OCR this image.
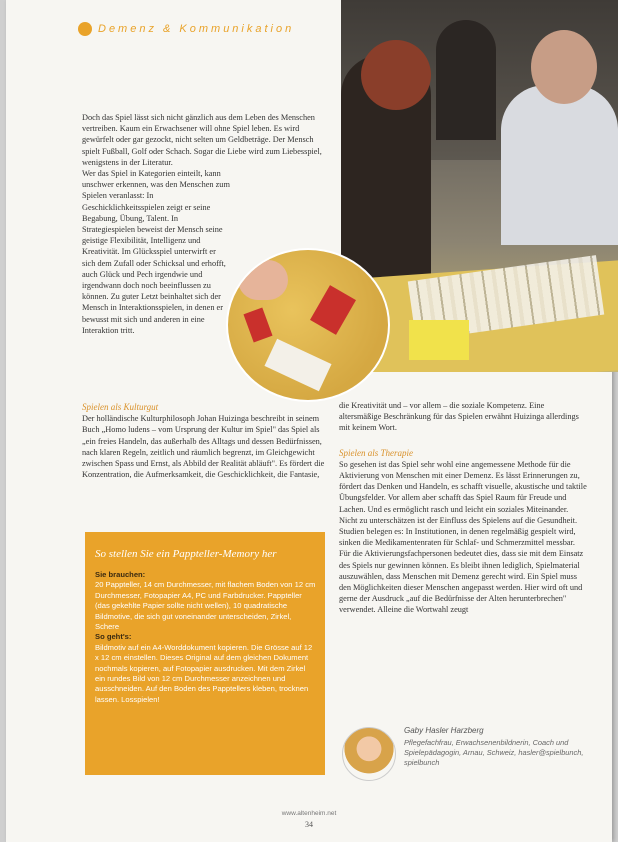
Demenz & Kommunikation

Doch das Spiel lässt sich nicht gänzlich aus dem Leben des Menschen vertreiben. Kaum ein Erwachsener will ohne Spiel leben. Es wird gewürfelt oder gar gezockt, nicht selten um Geldbeträge. Der Mensch spielt Fußball, Golf oder Schach. Sogar die Liebe wird zum Liebesspiel, wenigstens in der Literatur.

Wer das Spiel in Kategorien einteilt, kann unschwer erkennen, was den Menschen zum Spielen veranlasst: In Geschicklichkeitsspielen zeigt er seine Begabung, Übung, Talent. In Strategiespielen beweist der Mensch seine geistige Flexibilität, Intelligenz und Kreativität. Im Glücksspiel unterwirft er sich dem Zufall oder Schicksal und erhofft, auch Glück und Pech irgendwie und irgendwann doch noch beeinflussen zu können. Zu guter Letzt beinhaltet sich der Mensch in Interaktionsspielen, in denen er bewusst mit sich und anderen in eine Interaktion tritt.

Spielen als Kulturgut

Der holländische Kulturphilosoph Johan Huizinga beschreibt in seinem Buch „Homo ludens – vom Ursprung der Kultur im Spiel" das Spiel als „ein freies Handeln, das außerhalb des Alltags und dessen Bedürfnissen, nach klaren Regeln, zeitlich und räumlich begrenzt, im Gleichgewicht zwischen Spass und Ernst, als Abbild der Realität abläuft". Es fördert die Konzentration, die Aufmerksamkeit, die Geschicklichkeit, die Fantasie,

die Kreativität und – vor allem – die soziale Kompetenz. Eine altersmäßige Beschränkung für das Spielen erwähnt Huizinga allerdings mit keinem Wort.

Spielen als Therapie

So gesehen ist das Spiel sehr wohl eine angemessene Methode für die Aktivierung von Menschen mit einer Demenz. Es lässt Erinnerungen zu, fördert das Denken und Handeln, es schafft visuelle, akustische und taktile Übungsfelder. Vor allem aber schafft das Spiel Raum für Freude und Lachen. Und es ermöglicht rasch und leicht ein soziales Miteinander. Nicht zu unterschätzen ist der Einfluss des Spielens auf die Gesundheit. Studien belegen es: In Institutionen, in denen regelmäßig gespielt wird, sinken die Medikamentenraten für Schlaf- und Schmerzmittel messbar. Für die Aktivierungsfachpersonen bedeutet dies, dass sie mit dem Einsatz des Spiels nur gewinnen können. Es bleibt ihnen lediglich, Spielmaterial auszuwählen, dass Menschen mit Demenz gerecht wird. Ein Spiel muss den Möglichkeiten dieser Menschen angepasst werden. Hier wird oft und gerne der Ausdruck „auf die Bedürfnisse der Alten herunterbrechen" verwendet. Alleine die Wortwahl zeugt

So stellen Sie ein Pappteller-Memory her
Sie brauchen:
20 Pappteller, 14 cm Durchmesser, mit flachem Boden von 12 cm Durchmesser, Fotopapier A4, PC und Farbdrucker. Pappteller (das gekehlte Papier sollte nicht wellen), 10 quadratische Bildmotive, die sich gut voneinander unterscheiden, Zirkel, Schere
So geht's:
Bildmotiv auf ein A4-Worddokument kopieren. Die Grösse auf 12 x 12 cm einstellen. Dieses Original auf dem gleichen Dokument nochmals kopieren, auf Fotopapier ausdrucken. Mit dem Zirkel ein rundes Bild von 12 cm Durchmesser anzeichnen und ausschneiden. Auf den Boden des Papptellers kleben, trocknen lassen. Losspielen!
Gaby Hasler Harzberg
Pflegefachfrau, Erwachsenenbildnerin, Coach und Spielepädagogin, Arnau, Schweiz, hasler@spielbunch, spielbunch
www.altenheim.net
34
